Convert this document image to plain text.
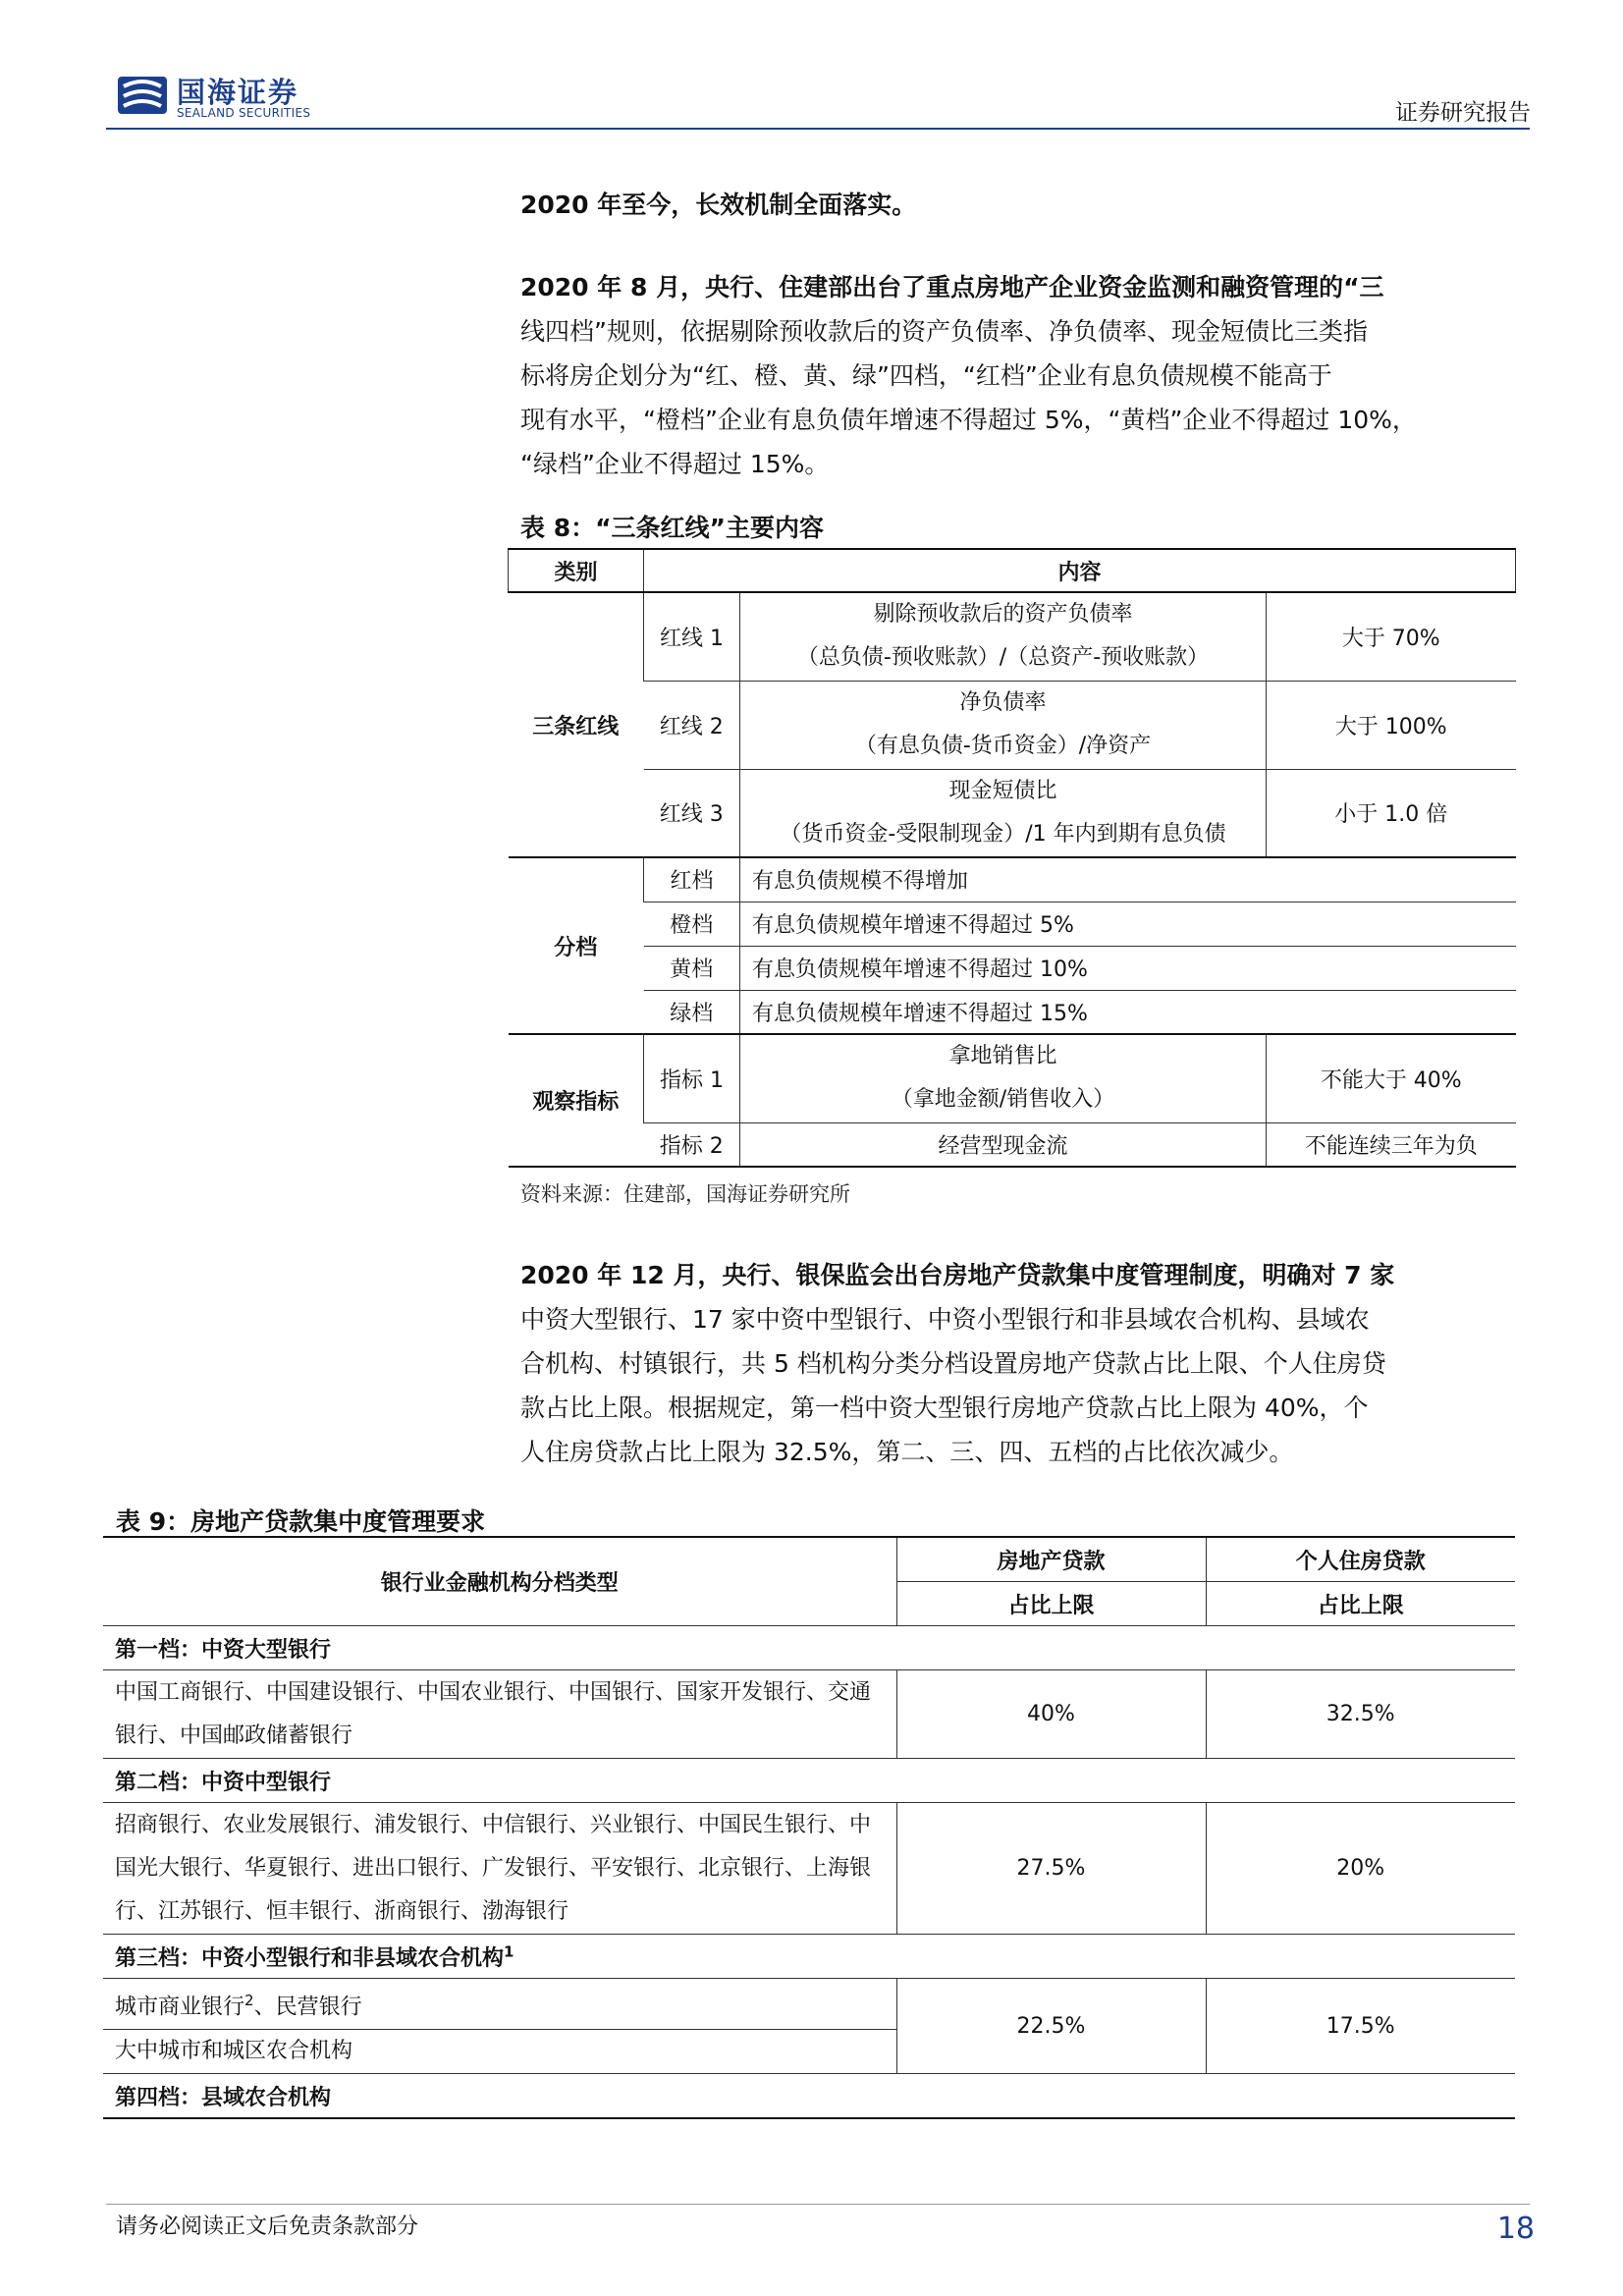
国海证券
SEALAND SECURITIES	证券研究报告
2020 年至今，长效机制全面落实。
2020 年 8 月，央行、住建部出台了重点房地产企业资金监测和融资管理的“三
线四档”规则，依据剔除预收款后的资产负债率、净负债率、现金短债比三类指
标将房企划分为“红、橙、黄、绿”四档，“红档”企业有息负债规模不能高于
现有水平，“橙档”企业有息负债年增速不得超过 5%，“黄档”企业不得超过 10%，
“绿档”企业不得超过 15%。
表 8：“三条红线”主要内容
类别	内容		
三条红线	红线 1	剔除预收款后的资产负债率
（总负债-预收账款）/（总资产-预收账款）	大于 70%
	红线 2	净负债率
（有息负债-货币资金）/净资产	大于 100%
	红线 3	现金短债比
（货币资金-受限制现金）/1 年内到期有息负债	小于 1.0 倍
分档	红档	有息负债规模不得增加	
	橙档	有息负债规模年增速不得超过 5%	
	黄档	有息负债规模年增速不得超过 10%	
	绿档	有息负债规模年增速不得超过 15%	
观察指标	指标 1	拿地销售比
（拿地金额/销售收入）	不能大于 40%
	指标 2	经营型现金流	不能连续三年为负
资料来源：住建部，国海证券研究所
2020 年 12 月，央行、银保监会出台房地产贷款集中度管理制度，明确对 7 家
中资大型银行、17 家中资中型银行、中资小型银行和非县域农合机构、县域农
合机构、村镇银行，共 5 档机构分类分档设置房地产贷款占比上限、个人住房贷
款占比上限。根据规定，第一档中资大型银行房地产贷款占比上限为 40%，个
人住房贷款占比上限为 32.5%，第二、三、四、五档的占比依次减少。
表 9：房地产贷款集中度管理要求
银行业金融机构分档类型	房地产贷款	个人住房贷款
	占比上限	占比上限
第一档：中资大型银行		
中国工商银行、中国建设银行、中国农业银行、中国银行、国家开发银行、交通银行、中国邮政储蓄银行	40%	32.5%
第二档：中资中型银行		
招商银行、农业发展银行、浦发银行、中信银行、兴业银行、中国民生银行、中国光大银行、华夏银行、进出口银行、广发银行、平安银行、北京银行、上海银行、江苏银行、恒丰银行、浙商银行、渤海银行	27.5%	20%
第三档：中资小型银行和非县域农合机构$^1$
城市商业银行$^2$、民营银行	22.5%	17.5%
大中城市和城区农合机构		
第四档：县域农合机构		
请务必阅读正文后免责条款部分	18
